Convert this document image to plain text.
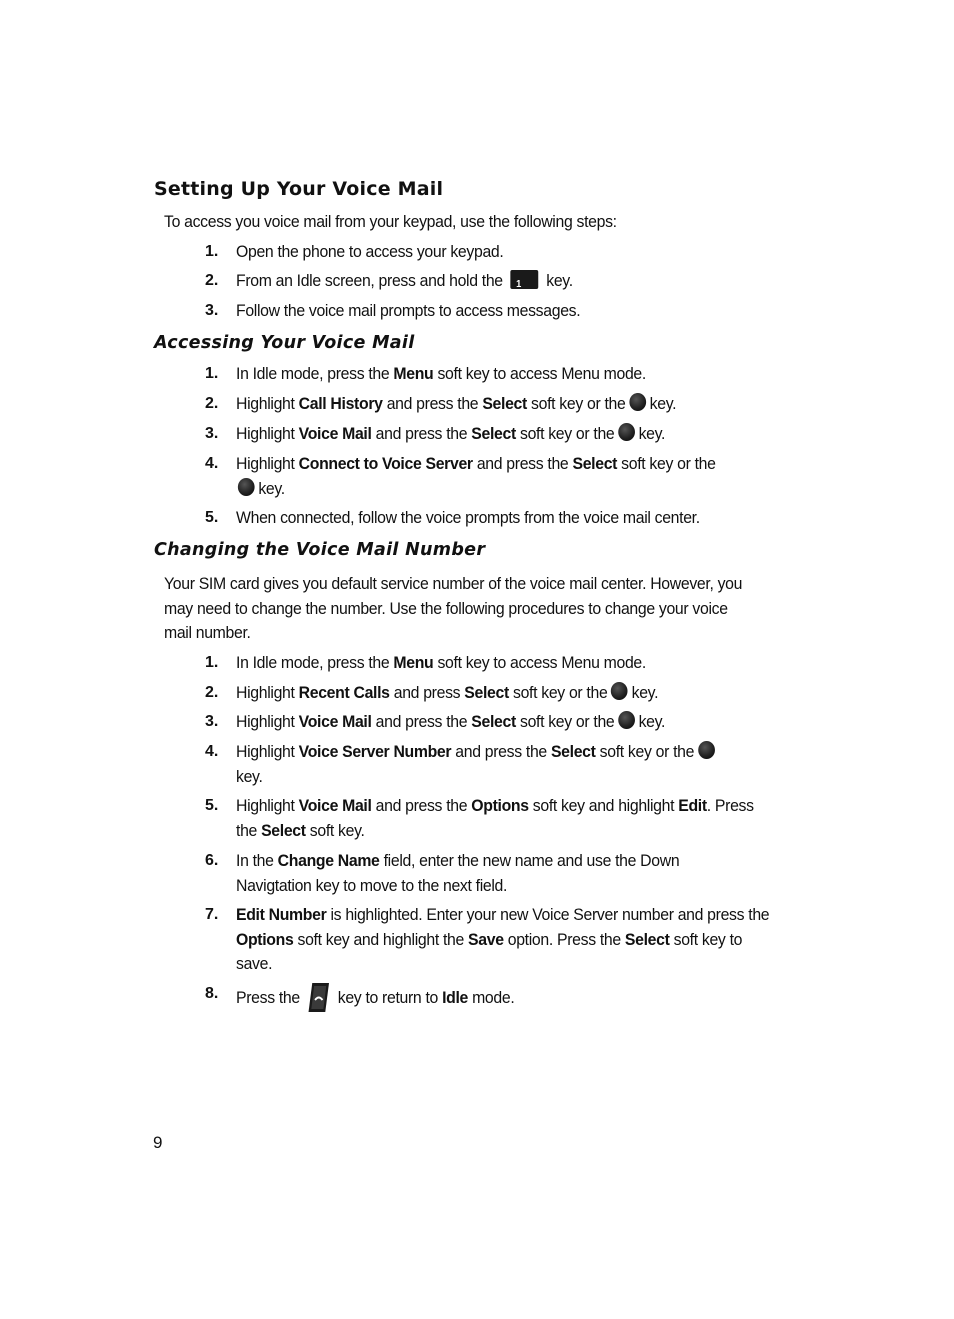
Setting Up Your Voice Mail

To access you voice mail from your keypad, use the following steps:

1. Open the phone to access your keypad.
2. From an Idle screen, press and hold the 1 key.
3. Follow the voice mail prompts to access messages.
Accessing Your Voice Mail
1. In Idle mode, press the Menu soft key to access Menu mode.
2. Highlight Call History and press the Select soft key or the key.
3. Highlight Voice Mail and press the Select soft key or the key.
4. Highlight Connect to Voice Server and press the Select soft key or the
key.
5. When connected, follow the voice prompts from the voice mail center.
Changing the Voice Mail Number

Your SIM card gives you default service number of the voice mail center. However, you may need to change the number. Use the following procedures to change your voice mail number.

1. In Idle mode, press the Menu soft key to access Menu mode.
2. Highlight Recent Calls and press Select soft key or the key.
3. Highlight Voice Mail and press the Select soft key or the key.
4. Highlight Voice Server Number and press the Select soft key or the
key.
5. Highlight Voice Mail and press the Options soft key and highlight Edit. Press the Select soft key.
6. In the Change Name field, enter the new name and use the Down Navigtation key to move to the next field.
7. Edit Number is highlighted. Enter your new Voice Server number and press the Options soft key and highlight the Save option. Press the Select soft key to save.
8. Press the key to return to Idle mode.
9
